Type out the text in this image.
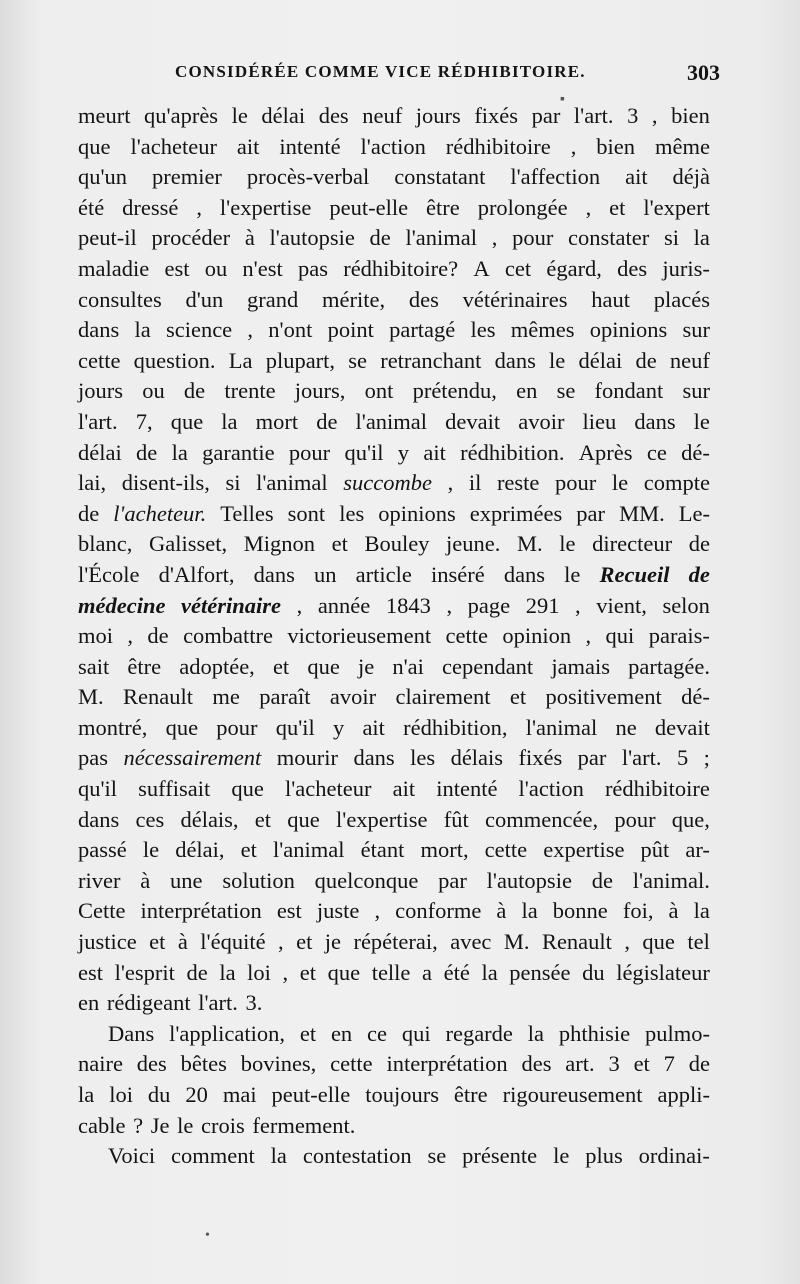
CONSIDÉRÉE COMME VICE RÉDHIBITOIRE.	303
meurt qu'après le délai des neuf jours fixés par l'art. 3 , bien
que l'acheteur ait intenté l'action rédhibitoire , bien même
qu'un premier procès-verbal constatant l'affection ait déjà
été dressé , l'expertise peut-elle être prolongée , et l'expert
peut-il procéder à l'autopsie de l'animal , pour constater si la
maladie est ou n'est pas rédhibitoire? A cet égard, des juris-
consultes d'un grand mérite, des vétérinaires haut placés
dans la science , n'ont point partagé les mêmes opinions sur
cette question. La plupart, se retranchant dans le délai de neuf
jours ou de trente jours, ont prétendu, en se fondant sur
l'art. 7, que la mort de l'animal devait avoir lieu dans le
délai de la garantie pour qu'il y ait rédhibition. Après ce dé-
lai, disent-ils, si l'animal succombe , il reste pour le compte
de l'acheteur. Telles sont les opinions exprimées par MM. Le-
blanc, Galisset, Mignon et Bouley jeune. M. le directeur de
l'École d'Alfort, dans un article inséré dans le Recueil de
médecine vétérinaire , année 1843 , page 291 , vient, selon
moi , de combattre victorieusement cette opinion , qui parais-
sait être adoptée, et que je n'ai cependant jamais partagée.
M. Renault me paraît avoir clairement et positivement dé-
montré, que pour qu'il y ait rédhibition, l'animal ne devait
pas nécessairement mourir dans les délais fixés par l'art. 5 ;
qu'il suffisait que l'acheteur ait intenté l'action rédhibitoire
dans ces délais, et que l'expertise fût commencée, pour que,
passé le délai, et l'animal étant mort, cette expertise pût ar-
river à une solution quelconque par l'autopsie de l'animal.
Cette interprétation est juste , conforme à la bonne foi, à la
justice et à l'équité , et je répéterai, avec M. Renault , que tel
est l'esprit de la loi , et que telle a été la pensée du législateur
en
rédigeant
l'art.
3.
Dans l'application, et en ce qui regarde la phthisie pulmo-
naire des bêtes bovines, cette interprétation des art. 3 et 7 de
la loi du 20 mai peut-elle toujours être rigoureusement appli-
cable
?
Je
le
crois
fermement.
Voici comment la contestation se présente le plus ordinai-
▪
•
